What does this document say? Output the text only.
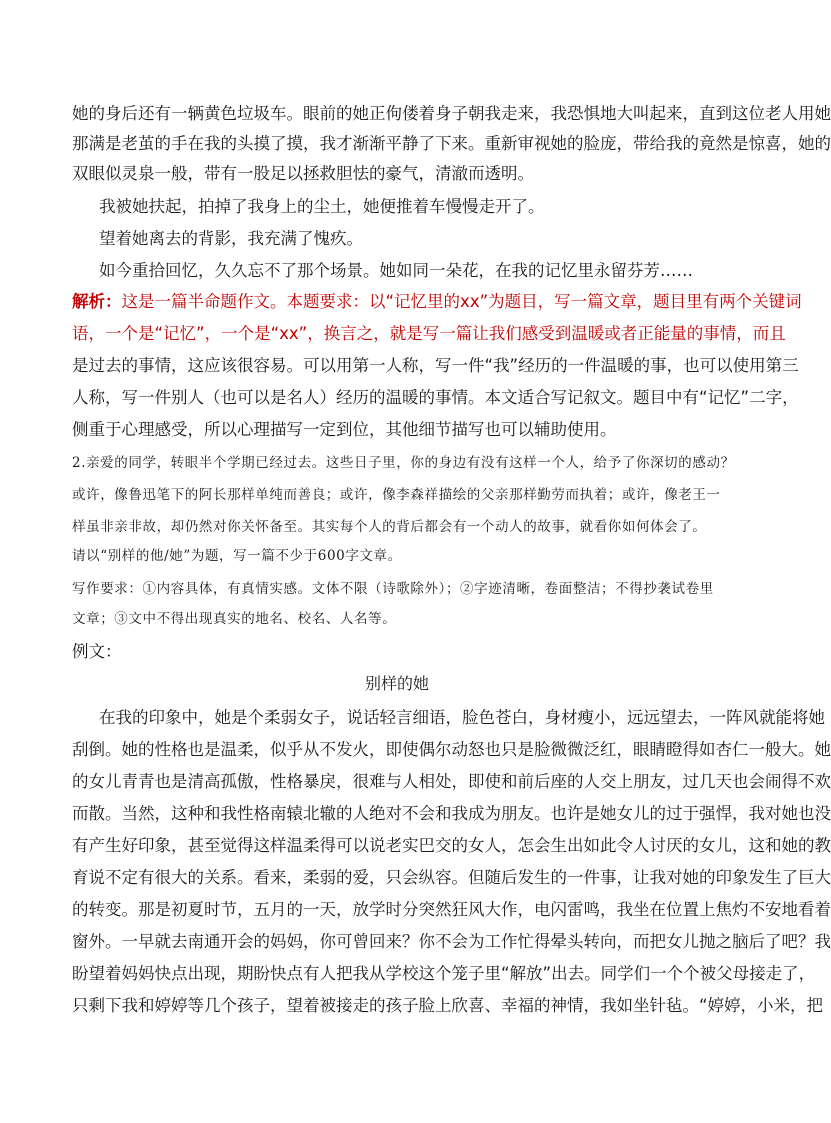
她的身后还有一辆黄色垃圾车。眼前的她正佝偻着身子朝我走来，我恐惧地大叫起来，直到这位老人用她
那满是老茧的手在我的头摸了摸，我才渐渐平静了下来。重新审视她的脸庞，带给我的竟然是惊喜，她的
双眼似灵泉一般，带有一股足以拯救胆怯的豪气，清澈而透明。
我被她扶起，拍掉了我身上的尘土，她便推着车慢慢走开了。
望着她离去的背影，我充满了愧疚。
如今重拾回忆，久久忘不了那个场景。她如同一朵花，在我的记忆里永留芬芳……
解析：这是一篇半命题作文。本题要求：以“记忆里的xx”为题目，写一篇文章，题目里有两个关键词
语，一个是“记忆”，一个是“xx”，换言之，就是写一篇让我们感受到温暖或者正能量的事情，而且
是过去的事情，这应该很容易。可以用第一人称，写一件“我”经历的一件温暖的事，也可以使用第三
人称，写一件别人（也可以是名人）经历的温暖的事情。本文适合写记叙文。题目中有“记忆”二字，
侧重于心理感受，所以心理描写一定到位，其他细节描写也可以辅助使用。
2.亲爱的同学，转眼半个学期已经过去。这些日子里，你的身边有没有这样一个人，给予了你深切的感动？
或许，像鲁迅笔下的阿长那样单纯而善良；或许，像李森祥描绘的父亲那样勤劳而执着；或许，像老王一
样虽非亲非故，却仍然对你关怀备至。其实每个人的背后都会有一个动人的故事，就看你如何体会了。
请以“别样的他/她”为题，写一篇不少于600字文章。
写作要求：①内容具体，有真情实感。文体不限（诗歌除外）；②字迹清晰，卷面整洁；不得抄袭试卷里
文章；③文中不得出现真实的地名、校名、人名等。
例文：
别样的她
在我的印象中，她是个柔弱女子，说话轻言细语，脸色苍白，身材瘦小，远远望去，一阵风就能将她
刮倒。她的性格也是温柔，似乎从不发火，即使偶尔动怒也只是脸微微泛红，眼睛瞪得如杏仁一般大。她
的女儿青青也是清高孤傲，性格暴戾，很难与人相处，即使和前后座的人交上朋友，过几天也会闹得不欢
而散。当然，这种和我性格南辕北辙的人绝对不会和我成为朋友。也许是她女儿的过于强悍，我对她也没
有产生好印象，甚至觉得这样温柔得可以说老实巴交的女人，怎会生出如此令人讨厌的女儿，这和她的教
育说不定有很大的关系。看来，柔弱的爱，只会纵容。但随后发生的一件事，让我对她的印象发生了巨大
的转变。那是初夏时节，五月的一天，放学时分突然狂风大作，电闪雷鸣，我坐在位置上焦灼不安地看着
窗外。一早就去南通开会的妈妈，你可曾回来？你不会为工作忙得晕头转向，而把女儿抛之脑后了吧？我
盼望着妈妈快点出现，期盼快点有人把我从学校这个笼子里“解放”出去。同学们一个个被父母接走了，
只剩下我和婷婷等几个孩子，望着被接走的孩子脸上欣喜、幸福的神情，我如坐针毡。“婷婷，小米，把
